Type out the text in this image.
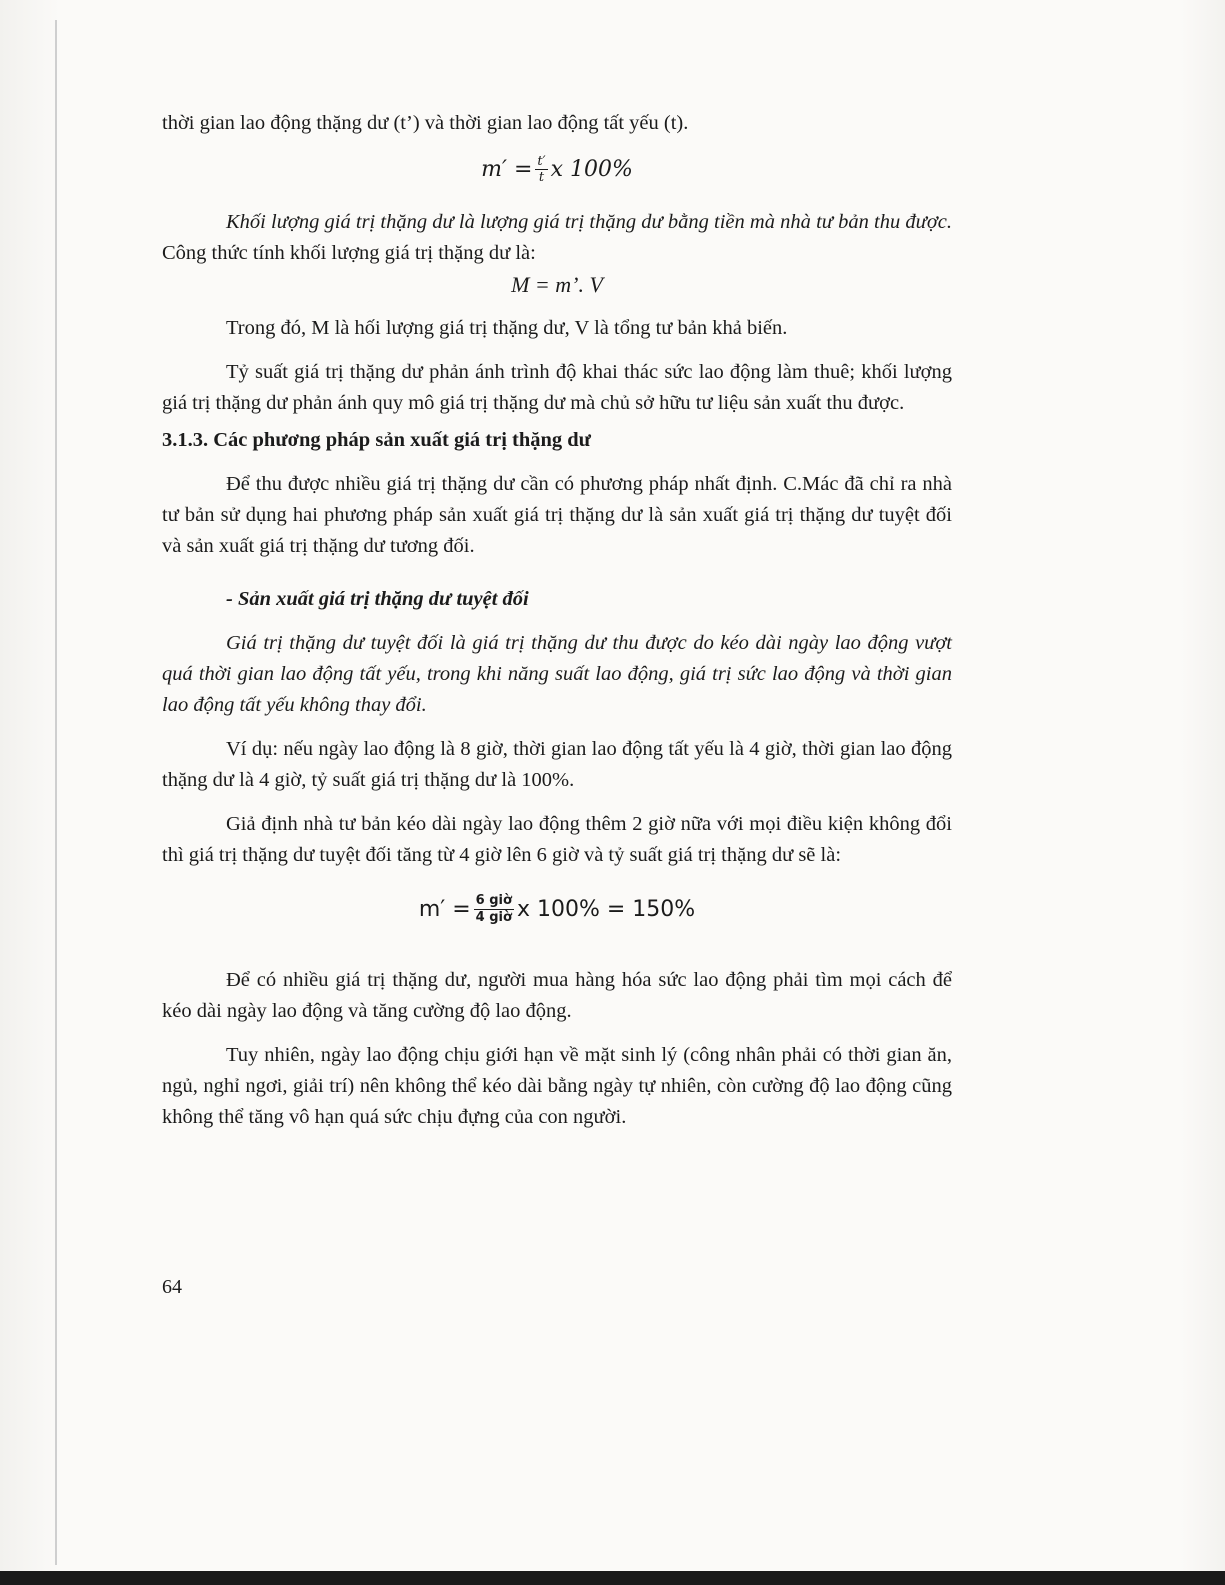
thời gian lao động thặng dư (t’) và thời gian lao động tất yếu (t).

$m' = \frac{t'}{t}$ x 100%

Khối lượng giá trị thặng dư là lượng giá trị thặng dư bằng tiền mà nhà tư bản thu được. Công thức tính khối lượng giá trị thặng dư là:

M = m’. V

Trong đó, M là hối lượng giá trị thặng dư, V là tổng tư bản khả biến.

Tỷ suất giá trị thặng dư phản ánh trình độ khai thác sức lao động làm thuê; khối lượng giá trị thặng dư phản ánh quy mô giá trị thặng dư mà chủ sở hữu tư liệu sản xuất thu được.

3.1.3. Các phương pháp sản xuất giá trị thặng dư

Để thu được nhiều giá trị thặng dư cần có phương pháp nhất định. C.Mác đã chỉ ra nhà tư bản sử dụng hai phương pháp sản xuất giá trị thặng dư là sản xuất giá trị thặng dư tuyệt đối và sản xuất giá trị thặng dư tương đối.

- Sản xuất giá trị thặng dư tuyệt đối

Giá trị thặng dư tuyệt đối là giá trị thặng dư thu được do kéo dài ngày lao động vượt quá thời gian lao động tất yếu, trong khi năng suất lao động, giá trị sức lao động và thời gian lao động tất yếu không thay đổi.

Ví dụ: nếu ngày lao động là 8 giờ, thời gian lao động tất yếu là 4 giờ, thời gian lao động thặng dư là 4 giờ, tỷ suất giá trị thặng dư là 100%.

Giả định nhà tư bản kéo dài ngày lao động thêm 2 giờ nữa với mọi điều kiện không đổi thì giá trị thặng dư tuyệt đối tăng từ 4 giờ lên 6 giờ và tỷ suất giá trị thặng dư sẽ là:

$m' = \frac{\text{6 giờ}}{\text{4 giờ}}$ x 100% = 150%

Để có nhiều giá trị thặng dư, người mua hàng hóa sức lao động phải tìm mọi cách để kéo dài ngày lao động và tăng cường độ lao động.

Tuy nhiên, ngày lao động chịu giới hạn về mặt sinh lý (công nhân phải có thời gian ăn, ngủ, nghỉ ngơi, giải trí) nên không thể kéo dài bằng ngày tự nhiên, còn cường độ lao động cũng không thể tăng vô hạn quá sức chịu đựng của con người.

64
